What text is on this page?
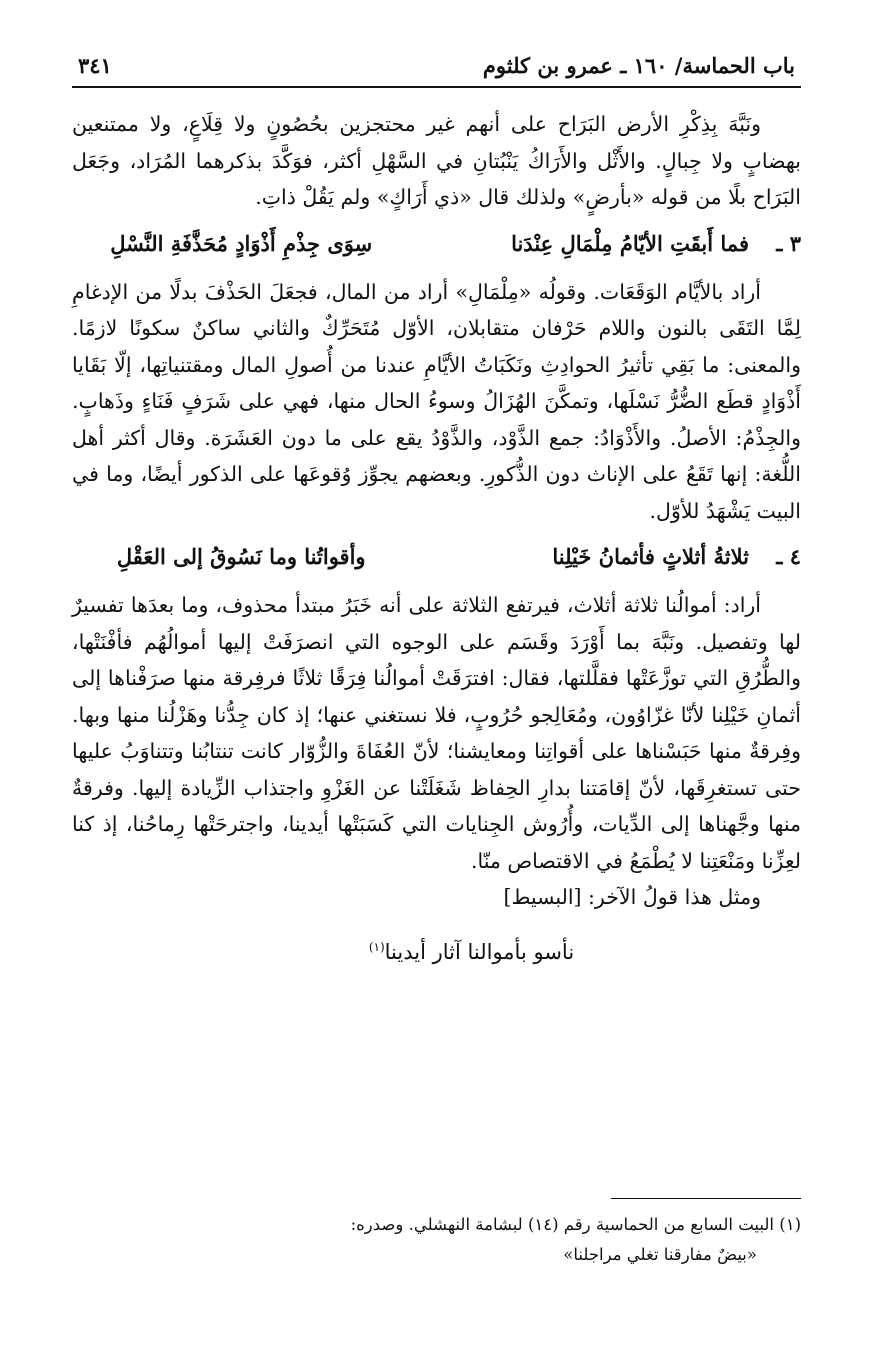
باب الحماسة/ ١٦٠ ـ عمرو بن كلثوم
٣٤١

ونَبَّهَ بِذِكْرِ الأرض البَرَاح على أنهم غير محتجزين بحُصُونٍ ولا قِلَاعٍ، ولا ممتنعين بهضابٍ ولا جِبالٍ. والأَثْل والأَرَاكُ يَنْبُتانِ في السَّهْلِ أكثر، فوَكَّدَ بذكرهما المُرَاد، وجَعَل البَرَاح بلًا من قوله «بأرضٍ» ولذلك قال «ذي أَرَاكٍ» ولم يَقُلْ ذاتِ.

٣ ـ
فما أَبقَتِ الأيّامُ مِلْمَالِ عِنْدَنا
سِوَى جِذْمِ أَذْوَادٍ مُحَذَّفَةِ النَّسْلِ

أراد بالأيَّام الوَقَعَات. وقولُه «مِلْمَالِ» أراد من المال، فجعَلَ الحَذْفَ بدلًا من الإدغامِ لِمَّا التَقَى بالنون واللام حَرْفان متقابلان، الأوّل مُتَحَرِّكٌ والثاني ساكنٌ سكونًا لازمًا. والمعنى: ما بَقِي تأثيرُ الحوادِثِ ونَكَبَاتُ الأيَّامِ عندنا من أُصولِ المال ومقتنياتِها، إلّا بَقَايا أَذْوَادٍ قطَع الضُّرُّ نَسْلَها، وتمكَّنَ الهُزَالُ وسوءُ الحال منها، فهي على شَرَفٍ فَنَاءٍ وذَهابٍ. والجِذْمُ: الأصلُ. والأَذْوَادُ: جمع الذَّوْد، والذَّوْدُ يقع على ما دون العَشَرَة. وقال أكثر أهل اللُّغة: إنها تَقَعُ على الإناث دون الذُّكورِ. وبعضهم يجوِّز وُقوعَها على الذكور أيضًا، وما في البيت يَشْهَدُ للأوّل.

٤ ـ
ثلاثةُ أثلاثٍ فأثمانُ خَيْلِنا
وأقواتُنا وما نَسُوقُ إلى العَقْلِ

أراد: أموالُنا ثلاثة أثلاث، فيرتفع الثلاثة على أنه خَبَرُ مبتدأ محذوف، وما بعدَها تفسيرٌ لها وتفصيل. ونَبَّهَ بما أَوْرَدَ وقَسَم على الوجوه التي انصرَفَتْ إليها أموالُهُم فأفْنَتْها، والطُّرُقِ التي توزَّعَتْها فقلَّلتها، فقال: افترَقَتْ أموالُنا فِرَقًا ثلاثًا فرفِرقة منها صرَفْناها إلى أثمانِ خَيْلِنا لأنّا غزّاوُون، ومُعَالِجو حُرُوبٍ، فلا نستغني عنها؛ إذ كان جِدُّنا وهَزْلُنا منها وبها. وفِرقةٌ منها حَبَسْناها على أقواتِنا ومعايشنا؛ لأنّ العُفَاةَ والزُّوّار كانت تنتابُنا وتتناوَبُ عليها حتى تستغرِقَها، لأنّ إقامَتنا بدارِ الحِفاظ شَغَلَتْنا عن الغَزْوِ واجتذاب الزِّيادة إليها. وفرقةٌ منها وجَّهناها إلى الدِّيات، وأُرُوش الجِنايات التي كَسَبَتْها أيدينا، واجترحَتْها رِماحُنا، إذ كنا لعِزِّنا ومَنْعَتِنا لا يُطْمَعُ في الاقتصاص منّا.

ومثل هذا قولُ الآخر: [البسيط]

نأسو بأموالنا آثار أيدينا$^{(١)}$

(١) البيت السابع من الحماسية رقم (١٤) لبشامة النهشلي. وصدره:

«بيضٌ مفارقنا تغلي مراجلنا»
